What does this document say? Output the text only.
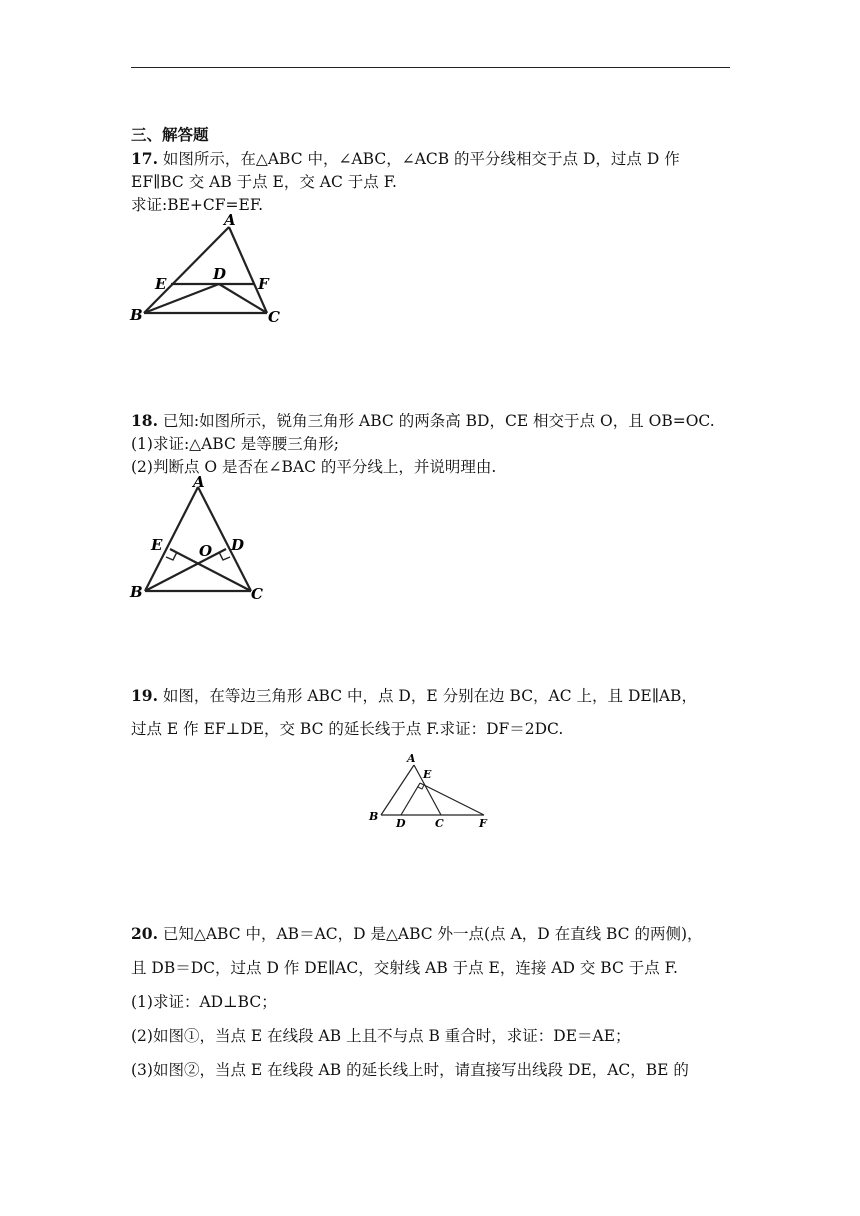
三、解答题
17. 如图所示，在△ABC 中，∠ABC，∠ACB 的平分线相交于点 D，过点 D 作
EF∥BC 交 AB 于点 E，交 AC 于点 F.
求证:BE+CF=EF.
A
B	C
D
E	F
18. 已知:如图所示，锐角三角形 ABC 的两条高 BD，CE 相交于点 O，且 OB=OC.
(1)求证:△ABC 是等腰三角形;
(2)判断点 O 是否在∠BAC 的平分线上，并说明理由.
A
B	C
D
E O
19. 如图，在等边三角形 ABC 中，点 D，E 分别在边 BC，AC 上，且 DE∥AB，
过点 E 作 EF⊥DE，交 BC 的延长线于点 F.求证：DF＝2DC.
A
B
C
D
E
F
20. 已知△ABC 中，AB＝AC，D 是△ABC 外一点(点 A，D 在直线 BC 的两侧)，
且 DB＝DC，过点 D 作 DE∥AC，交射线 AB 于点 E，连接 AD 交 BC 于点 F.
(1)求证：AD⊥BC；
(2)如图①，当点 E 在线段 AB 上且不与点 B 重合时，求证：DE＝AE；
(3)如图②，当点 E 在线段 AB 的延长线上时，请直接写出线段 DE，AC，BE 的
